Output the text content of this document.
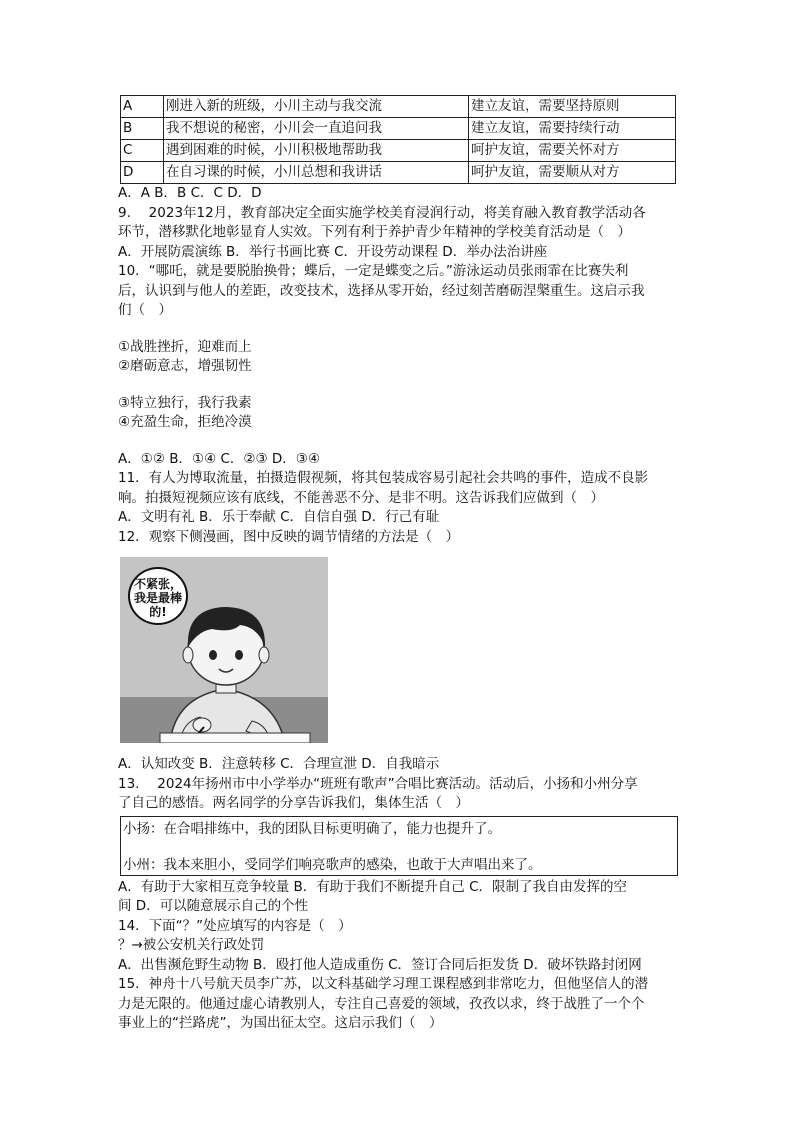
A	刚进入新的班级，小川主动与我交流	建立友谊，需要坚持原则
B	我不想说的秘密，小川会一直追问我	建立友谊，需要持续行动
C	遇到困难的时候，小川积极地帮助我	呵护友谊，需要关怀对方
D	在自习课的时候，小川总想和我讲话	呵护友谊，需要顺从对方
A．A B．B C．C D．D
9.　 2023年12月，教育部决定全面实施学校美育浸润行动，将美育融入教育教学活动各
环节，潜移默化地彰显育人实效。下列有利于养护青少年精神的学校美育活动是（　）
A．开展防震演练 B．举行书画比赛 C．开设劳动课程 D．举办法治讲座
10．“哪吒，就是要脱胎换骨；蝶后，一定是蝶变之后。”游泳运动员张雨霏在比赛失利
后，认识到与他人的差距，改变技术，选择从零开始，经过刻苦磨砺涅槃重生。这启示我
们（　）
①战胜挫折，迎难而上
②磨砺意志，增强韧性
③特立独行，我行我素
④充盈生命，拒绝冷漠
A．①② B．①④ C．②③ D．③④
11．有人为博取流量，拍摄造假视频，将其包装成容易引起社会共鸣的事件，造成不良影
响。拍摄短视频应该有底线，不能善恶不分、是非不明。这告诉我们应做到（　）
A．文明有礼 B．乐于奉献 C．自信自强 D．行己有耻
12．观察下侧漫画，图中反映的调节情绪的方法是（　）
不紧张，我是最棒的!
A．认知改变 B．注意转移 C．合理宣泄 D．自我暗示
13.　 2024年扬州市中小学举办“班班有歌声”合唱比赛活动。活动后，小扬和小州分享
了自己的感悟。两名同学的分享告诉我们，集体生活（　）
小扬：在合唱排练中，我的团队目标更明确了，能力也提升了。
小州：我本来胆小，受同学们响亮歌声的感染，也敢于大声唱出来了。
A．有助于大家相互竞争较量 B．有助于我们不断提升自己 C．限制了我自由发挥的空
间 D．可以随意展示自己的个性
14．下面“？”处应填写的内容是（　）
？→被公安机关行政处罚
A．出售濒危野生动物 B．殴打他人造成重伤 C．签订合同后拒发货 D．破坏铁路封闭网
15．神舟十八号航天员李广苏，以文科基础学习理工课程感到非常吃力，但他坚信人的潜
力是无限的。他通过虚心请教别人，专注自己喜爱的领域，孜孜以求，终于战胜了一个个
事业上的“拦路虎”，为国出征太空。这启示我们（　）
